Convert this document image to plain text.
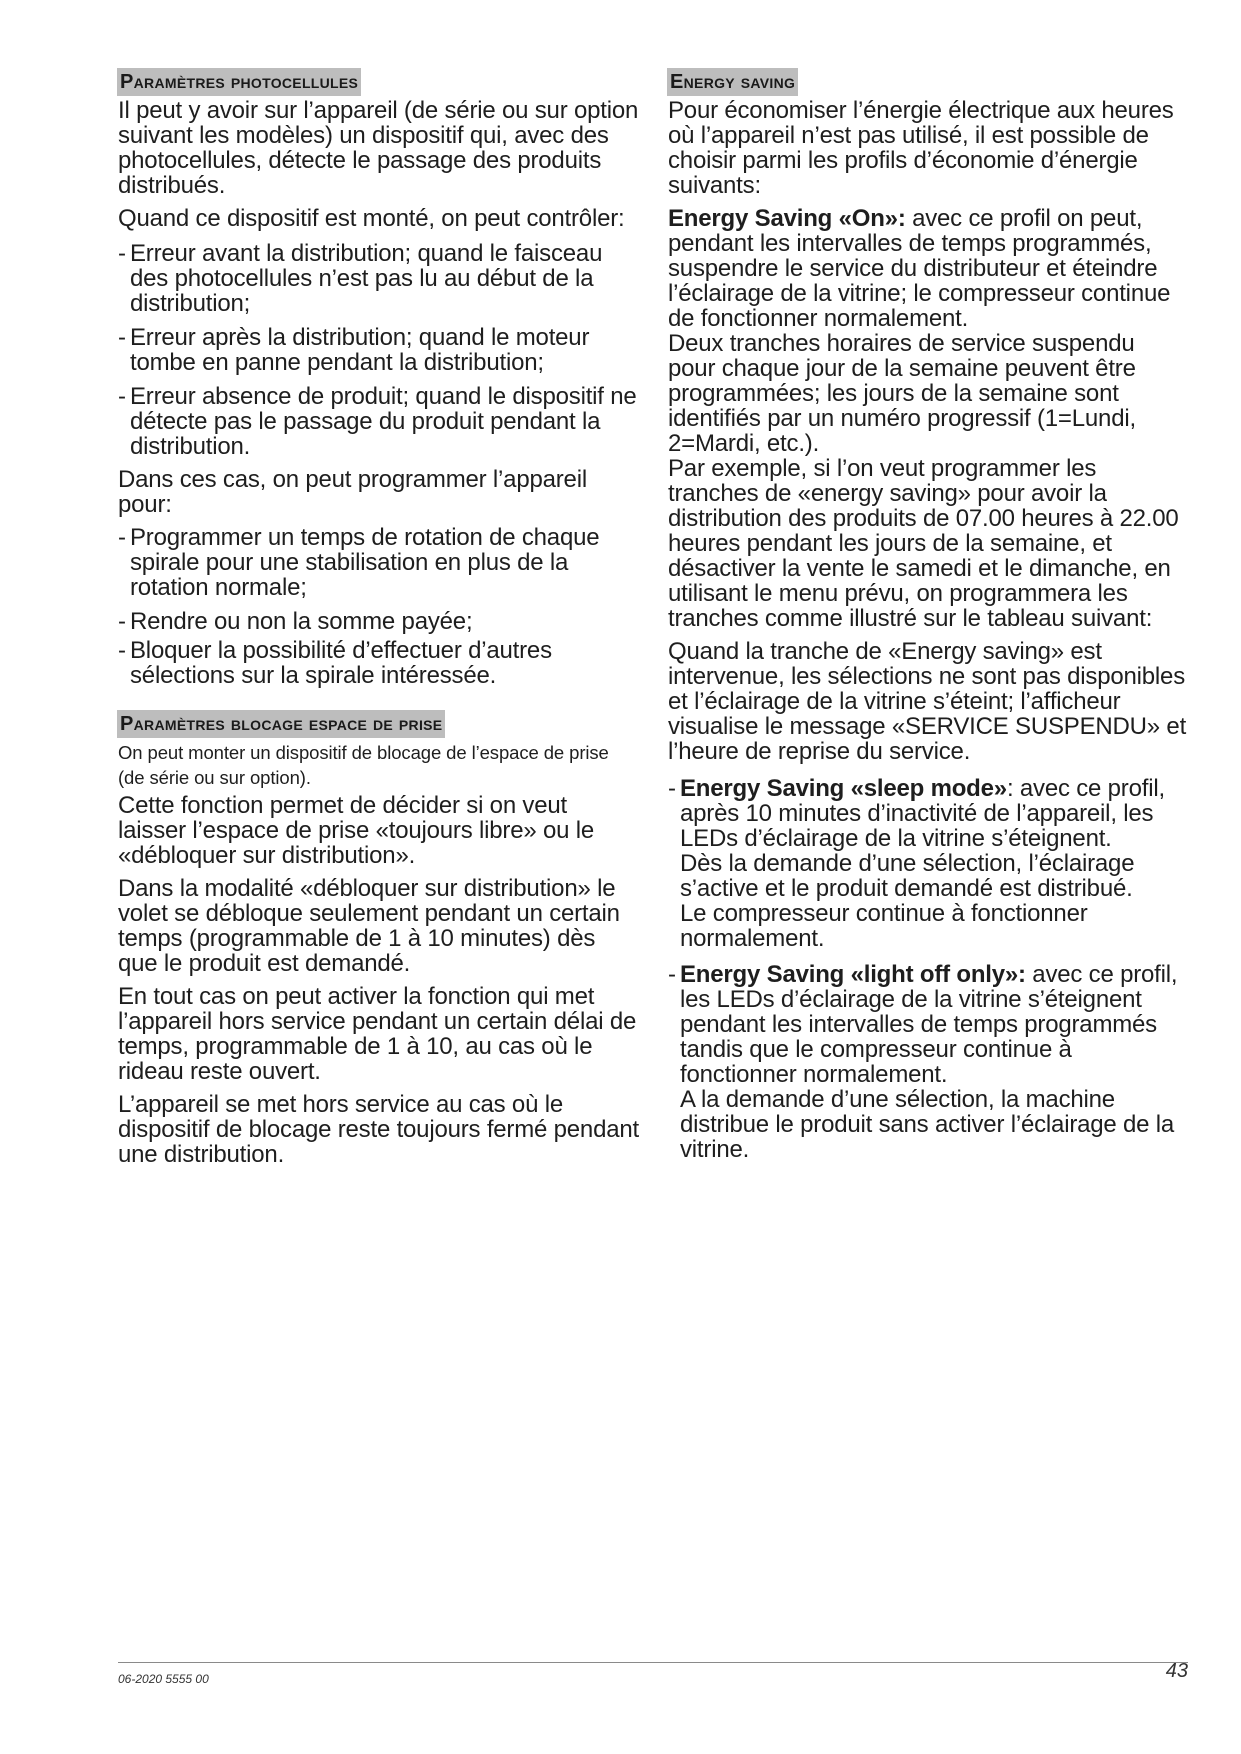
Paramètres photocellules

Il peut y avoir sur l’appareil (de série ou sur option suivant les modèles) un dispositif qui, avec des photocellules, détecte le passage des produits distribués.

Quand ce dispositif est monté, on peut contrôler:

- Erreur avant la distribution; quand le faisceau des photocellules n’est pas lu au début de la distribution;
- Erreur après la distribution; quand le moteur tombe en panne pendant la distribution;
- Erreur absence de produit; quand le dispositif ne détecte pas le passage du produit pendant la distribution.

Dans ces cas, on peut programmer l’appareil pour:

- Programmer un temps de rotation de chaque spirale pour une stabilisation en plus de la rotation normale;
- Rendre ou non la somme payée;
- Bloquer la possibilité d’effectuer d’autres sélections sur la spirale intéressée.
Paramètres blocage espace de prise

On peut monter un dispositif de blocage de l’espace de prise (de série ou sur option).

Cette fonction permet de décider si on veut laisser l’espace de prise «toujours libre» ou le «débloquer sur distribution».

Dans la modalité «débloquer sur distribution» le volet se débloque seulement pendant un certain temps (programmable de 1 à 10 minutes) dès que le produit est demandé.

En tout cas on peut activer la fonction qui met l’appareil hors service pendant un certain délai de temps, programmable de 1 à 10, au cas où le rideau reste ouvert.

L’appareil se met hors service au cas où le dispositif de blocage reste toujours fermé pendant une distribution.

Energy saving

Pour économiser l’énergie électrique aux heures où l’appareil n’est pas utilisé, il est possible de choisir parmi les profils d’économie d’énergie suivants:

Energy Saving «On»: avec ce profil on peut, pendant les intervalles de temps programmés, suspendre le service du distributeur et éteindre l’éclairage de la vitrine; le compresseur continue de fonctionner normalement.

Deux tranches horaires de service suspendu pour chaque jour de la semaine peuvent être programmées; les jours de la semaine sont identifiés par un numéro progressif (1=Lundi, 2=Mardi, etc.).

Par exemple, si l’on veut programmer les tranches de «energy saving» pour avoir la distribution des produits de 07.00 heures à 22.00 heures pendant les jours de la semaine, et désactiver la vente le samedi et le dimanche, en utilisant le menu prévu, on programmera les tranches comme illustré sur le tableau suivant:

Quand la tranche de «Energy saving» est intervenue, les sélections ne sont pas disponibles et l’éclairage de la vitrine s’éteint; l’afficheur visualise le message «SERVICE SUSPENDU» et l’heure de reprise du service.

- Energy Saving «sleep mode»: avec ce profil, après 10 minutes d’inactivité de l’appareil, les LEDs d’éclairage de la vitrine s’éteignent.
Dès la demande d’une sélection, l’éclairage s’active et le produit demandé est distribué.
Le compresseur continue à fonctionner normalement.
- Energy Saving «light off only»: avec ce profil, les LEDs d’éclairage de la vitrine s’éteignent pendant les intervalles de temps programmés tandis que le compresseur continue à fonctionner normalement.
A la demande d’une sélection, la machine distribue le produit sans activer l’éclairage de la vitrine.
06-2020 5555 00	43
